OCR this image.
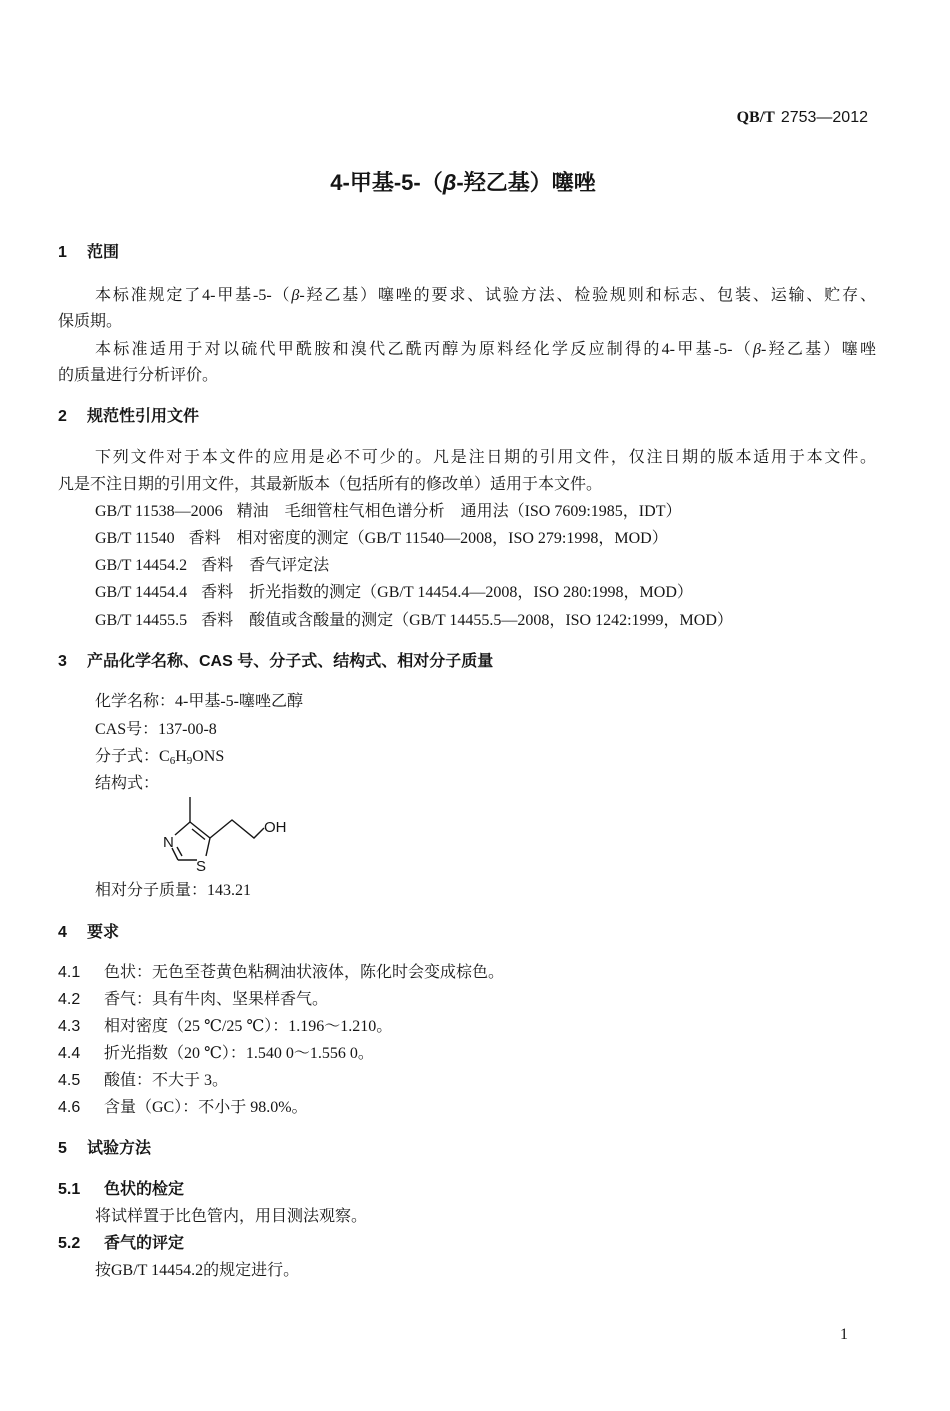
QB/T 2753—2012
4-甲基-5-（β-羟乙基）噻唑
1 范围
本标准规定了4-甲基-5-（β-羟乙基）噻唑的要求、试验方法、检验规则和标志、包装、运输、贮存、
保质期。
本标准适用于对以硫代甲酰胺和溴代乙酰丙醇为原料经化学反应制得的4-甲基-5-（β-羟乙基）噻唑
的质量进行分析评价。
2 规范性引用文件
下列文件对于本文件的应用是必不可少的。凡是注日期的引用文件，仅注日期的版本适用于本文件。
凡是不注日期的引用文件，其最新版本（包括所有的修改单）适用于本文件。
GB/T 11538—2006 精油 毛细管柱气相色谱分析　通用法（ISO 7609:1985，IDT）
GB/T 11540 香料 相对密度的测定（GB/T 11540—2008，ISO 279:1998，MOD）
GB/T 14454.2 香料 香气评定法
GB/T 14454.4 香料 折光指数的测定（GB/T 14454.4—2008，ISO 280:1998，MOD）
GB/T 14455.5 香料 酸值或含酸量的测定（GB/T 14455.5—2008，ISO 1242:1999，MOD）
3 产品化学名称、CAS 号、分子式、结构式、相对分子质量
化学名称：4-甲基-5-噻唑乙醇
CAS号：137-00-8
分子式：$C_6H_9ONS$
结构式：
N
S
OH
相对分子质量：143.21
4 要求
4.1 色状：无色至苍黄色粘稠油状液体，陈化时会变成棕色。
4.2 香气：具有牛肉、坚果样香气。
4.3 相对密度（25 ℃/25 ℃）：1.196～1.210。
4.4 折光指数（20 ℃）：1.540 0～1.556 0。
4.5 酸值：不大于 3。
4.6 含量（GC）：不小于 98.0%。
5 试验方法
5.1 色状的检定
将试样置于比色管内，用目测法观察。
5.2 香气的评定
按GB/T 14454.2的规定进行。
1
